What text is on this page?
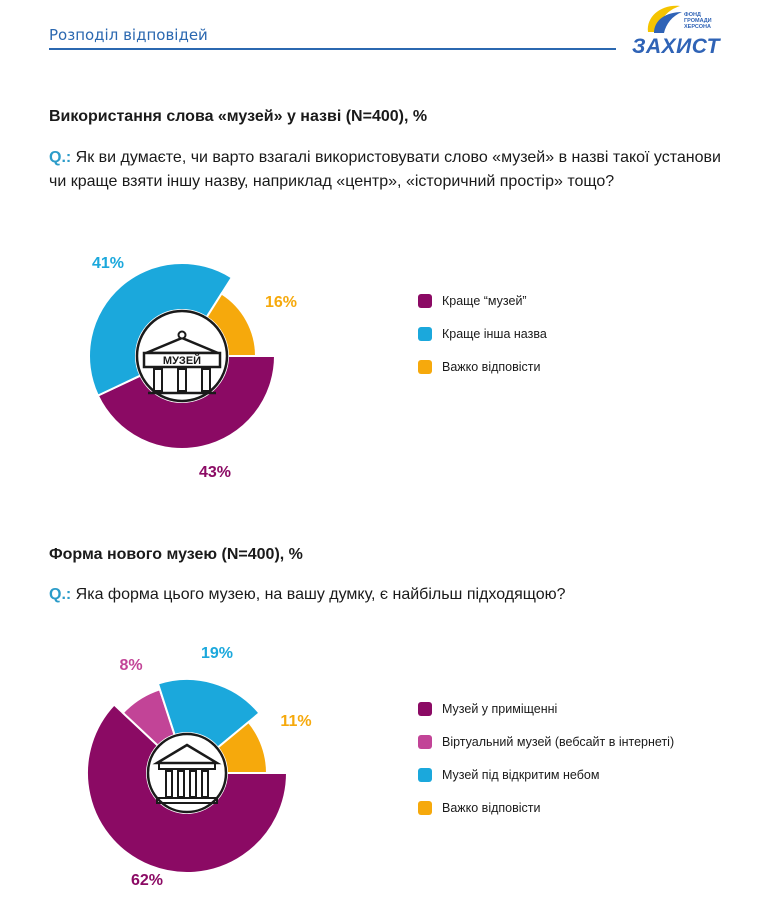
Розподіл відповідей
ФОНД
ГРОМАДИ
ХЕРСОНА
ЗАХИСТ
Використання слова «музей» у назві (N=400), %
Q.: Як ви думаєте, чи варто взагалі використовувати слово «музей» в назві такої установи чи краще взяти іншу назву, наприклад «центр», «історичний простір» тощо?
Форма нового музею (N=400), %
Q.: Яка форма цього музею, на вашу думку, є найбільш підходящою?
МУЗЕЙ
43%
41%
16%
62%
8%
19%
11%
Краще “музей”
Краще інша назва
Важко відповісти
Музей у приміщенні
Віртуальний музей (вебсайт в інтернеті)
Музей під відкритим небом
Важко відповісти
